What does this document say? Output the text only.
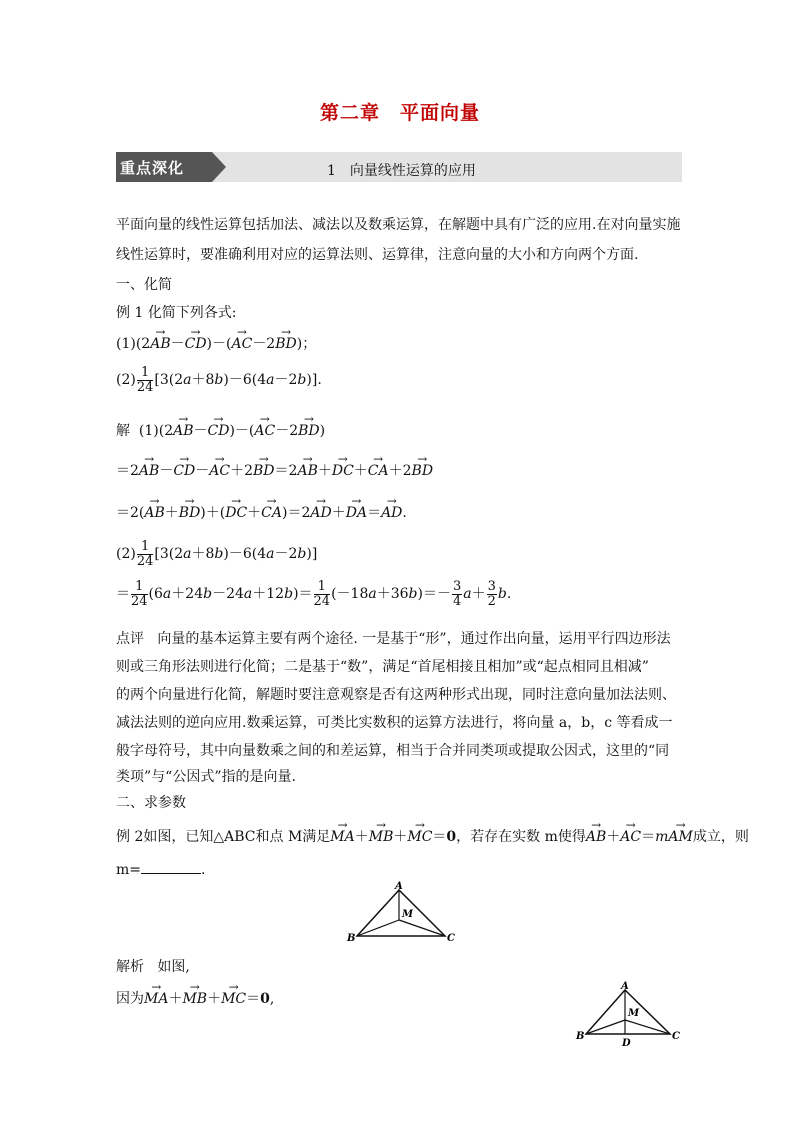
第二章　平面向量
重点深化	1　向量线性运算的应用
平面向量的线性运算包括加法、减法以及数乘运算，在解题中具有广泛的应用.在对向量实施
线性运算时，要准确利用对应的运算法则、运算律，注意向量的大小和方向两个方面.
一、化简
例 1 化简下列各式:
(1)(2→ AB－→ CD)－(→ AC－2→ BD)；
$(2) \frac{1}{24} [3(2a+8b)-6(4a-2b)]$.
解  (1)(2→ AB－→ CD)－(→ AC－2→ BD)
＝2→ AB－→ CD－→ AC＋2→ BD＝2→ AB＋→ DC＋→ CA＋2→ BD
＝2(→ AB＋→ BD)＋(→ DC＋→ CA)＝2→ AD＋→ DA＝→ AD.
$(2) \frac{1}{24} [3(2a+8b)-6(4a-2b)]$
＝ $\frac{1}{24} (6a+24b-24a+12b)= \frac{1}{24} (-18a+36b)=- \frac{3}{4} a+ \frac{3}{2} b$.
点评 向量的基本运算主要有两个途径. 一是基于“形”，通过作出向量，运用平行四边形法
则或三角形法则进行化简；二是基于“数”，满足“首尾相接且相加”或“起点相同且相减”
的两个向量进行化简，解题时要注意观察是否有这两种形式出现，同时注意向量加法法则、
减法法则的逆向应用.数乘运算，可类比实数积的运算方法进行，将向量 a，b，c 等看成一
般字母符号，其中向量数乘之间的和差运算，相当于合并同类项或提取公因式，这里的“同
类项”与“公因式”指的是向量.
二、求参数
例 2如图，已知△ABC和点 M满足→ MA＋→ MB＋→ MC＝0，若存在实数 m使得→ AB＋→ AC＝m→ AM成立，则
m=	.
A
B	C
M
解析 如图,
因为→ MA＋→ MB＋→ MC＝0,
A
B	C
M
D
